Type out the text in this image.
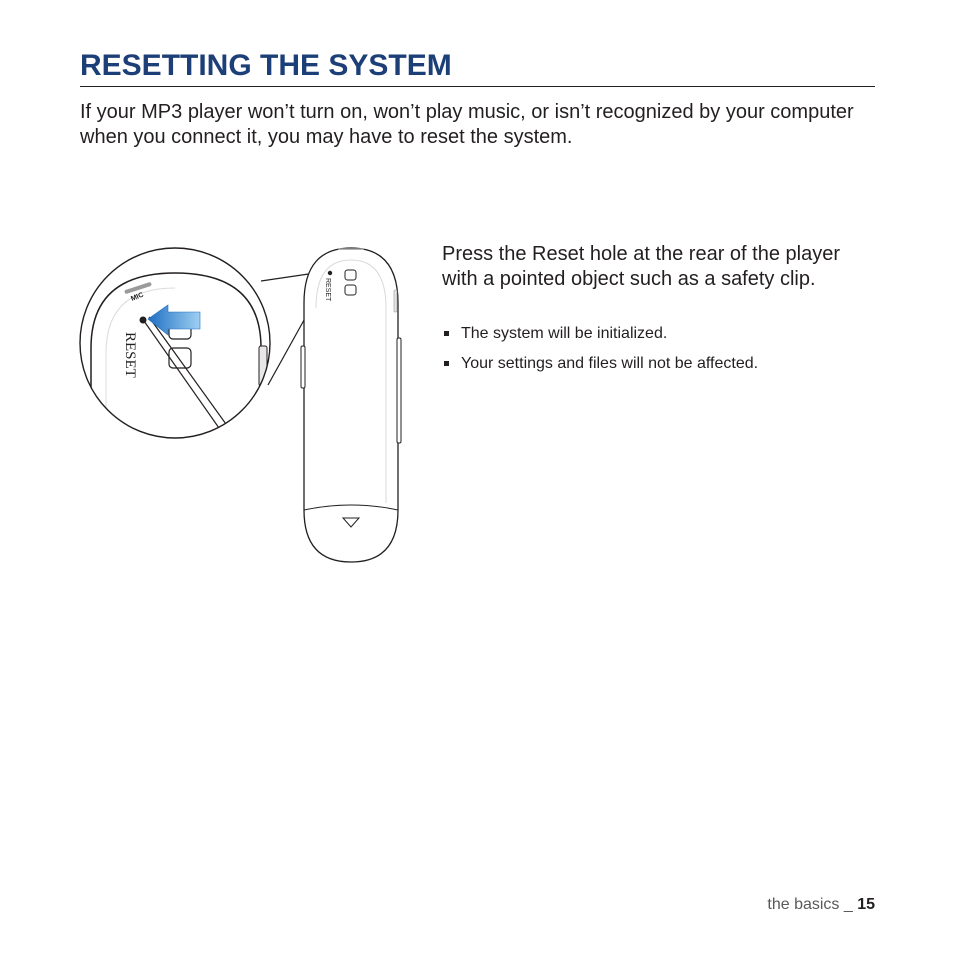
RESETTING THE SYSTEM

If your MP3 player won’t turn on, won’t play music, or isn’t recognized by your computer when you connect it, you may have to reset the system.

RESET
RESET
MIC

Press the Reset hole at the rear of the player with a pointed object such as a safety clip.

The system will be initialized.
Your settings and files will not be affected.
the basics _ 15
